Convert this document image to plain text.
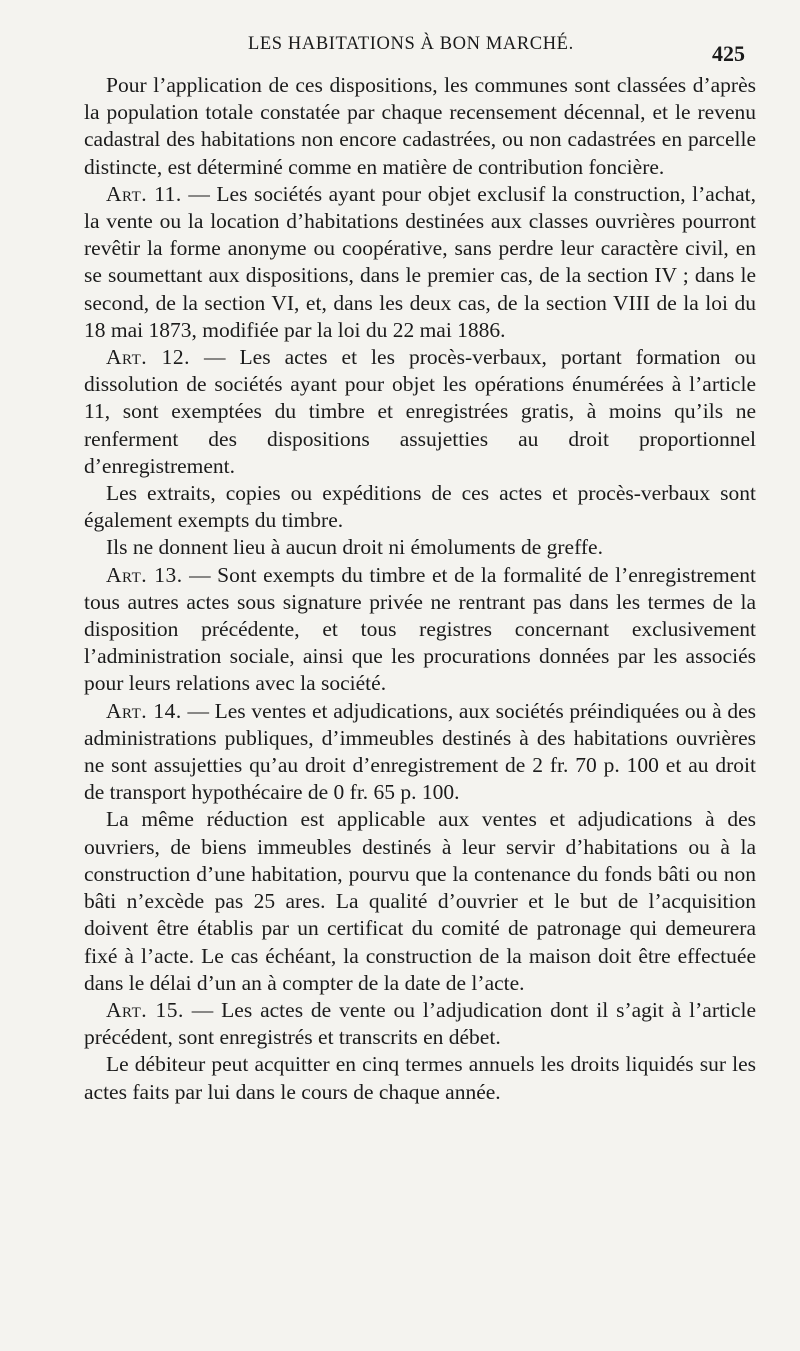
LES HABITATIONS À BON MARCHÉ.	425

Pour l’application de ces dispositions, les communes sont classées d’après la population totale constatée par chaque recensement décennal, et le revenu cadastral des habitations non encore cadastrées, ou non cadastrées en parcelle distincte, est déterminé comme en matière de contribution foncière.

Art. 11. — Les sociétés ayant pour objet exclusif la construction, l’achat, la vente ou la location d’habitations destinées aux classes ouvrières pourront revêtir la forme anonyme ou coopérative, sans perdre leur caractère civil, en se soumettant aux dispositions, dans le premier cas, de la section IV ; dans le second, de la section VI, et, dans les deux cas, de la section VIII de la loi du 18 mai 1873, modifiée par la loi du 22 mai 1886.

Art. 12. — Les actes et les procès-verbaux, portant formation ou dissolution de sociétés ayant pour objet les opérations énumérées à l’article 11, sont exemptées du timbre et enregistrées gratis, à moins qu’ils ne renferment des dispositions assujetties au droit proportionnel d’enregistrement.

Les extraits, copies ou expéditions de ces actes et procès-verbaux sont également exempts du timbre.

Ils ne donnent lieu à aucun droit ni émoluments de greffe.

Art. 13. — Sont exempts du timbre et de la formalité de l’enregistrement tous autres actes sous signature privée ne rentrant pas dans les termes de la disposition précédente, et tous registres concernant exclusivement l’administration sociale, ainsi que les procurations données par les associés pour leurs relations avec la société.

Art. 14. — Les ventes et adjudications, aux sociétés préindiquées ou à des administrations publiques, d’immeubles destinés à des habitations ouvrières ne sont assujetties qu’au droit d’enregistrement de 2 fr. 70 p. 100 et au droit de transport hypothécaire de 0 fr. 65 p. 100.

La même réduction est applicable aux ventes et adjudications à des ouvriers, de biens immeubles destinés à leur servir d’habitations ou à la construction d’une habitation, pourvu que la contenance du fonds bâti ou non bâti n’excède pas 25 ares. La qualité d’ouvrier et le but de l’acquisition doivent être établis par un certificat du comité de patronage qui demeurera fixé à l’acte. Le cas échéant, la construction de la maison doit être effectuée dans le délai d’un an à compter de la date de l’acte.

Art. 15. — Les actes de vente ou l’adjudication dont il s’agit à l’article précédent, sont enregistrés et transcrits en débet.

Le débiteur peut acquitter en cinq termes annuels les droits liquidés sur les actes faits par lui dans le cours de chaque année.
